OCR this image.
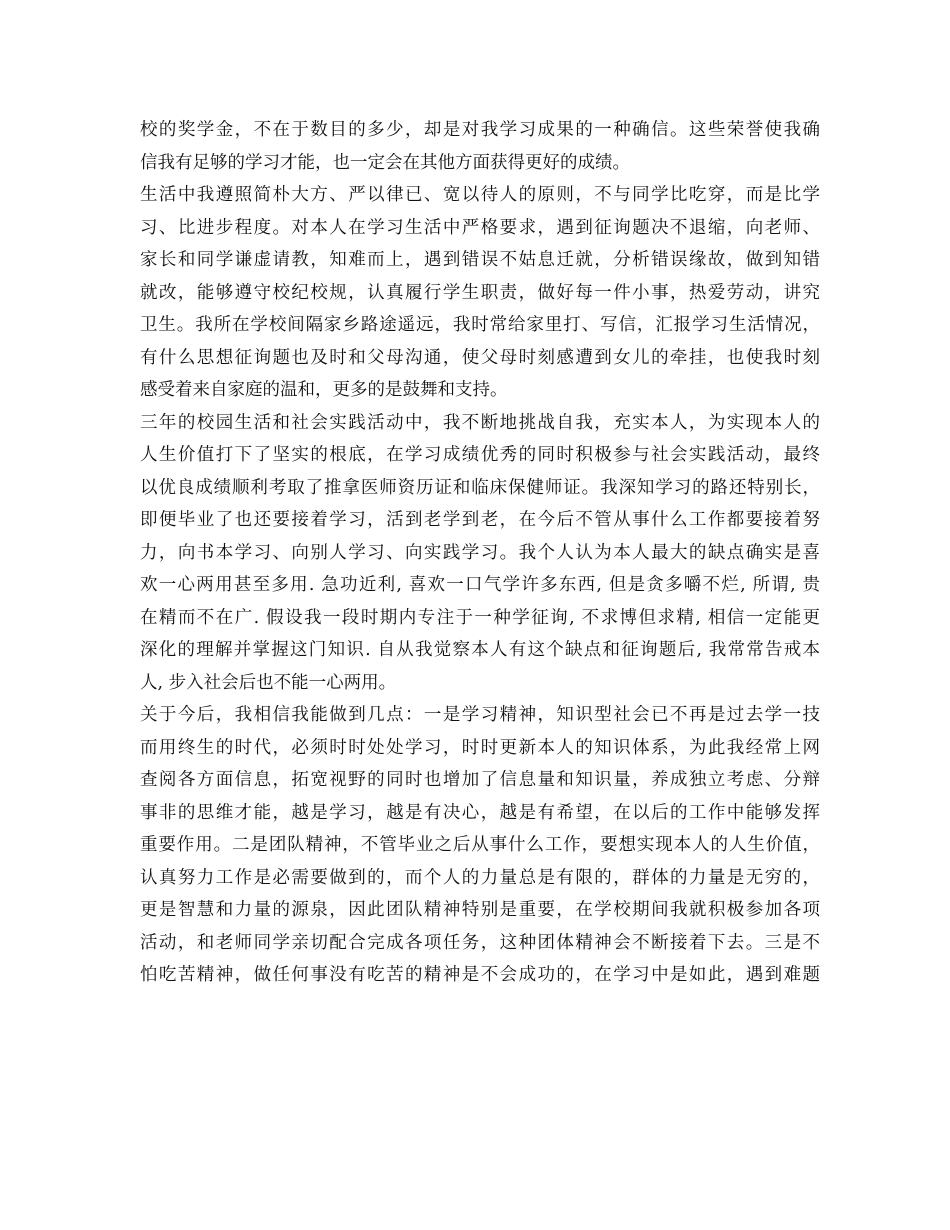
校的奖学金，不在于数目的多少，却是对我学习成果的一种确信。这些荣誉使我确
信我有足够的学习才能，也一定会在其他方面获得更好的成绩。
生活中我遵照简朴大方、严以律已、宽以待人的原则，不与同学比吃穿，而是比学
习、比进步程度。对本人在学习生活中严格要求，遇到征询题决不退缩，向老师、
家长和同学谦虚请教，知难而上，遇到错误不姑息迁就，分析错误缘故，做到知错
就改，能够遵守校纪校规，认真履行学生职责，做好每一件小事，热爱劳动，讲究
卫生。我所在学校间隔家乡路途遥远，我时常给家里打、写信，汇报学习生活情况，
有什么思想征询题也及时和父母沟通，使父母时刻感遭到女儿的牵挂，也使我时刻
感受着来自家庭的温和，更多的是鼓舞和支持。
三年的校园生活和社会实践活动中，我不断地挑战自我，充实本人，为实现本人的
人生价值打下了坚实的根底，在学习成绩优秀的同时积极参与社会实践活动，最终
以优良成绩顺利考取了推拿医师资历证和临床保健师证。我深知学习的路还特别长，
即便毕业了也还要接着学习，活到老学到老，在今后不管从事什么工作都要接着努
力，向书本学习、向别人学习、向实践学习。我个人认为本人最大的缺点确实是喜
欢一心两用甚至多用. 急功近利, 喜欢一口气学许多东西, 但是贪多嚼不烂, 所谓, 贵
在精而不在广. 假设我一段时期内专注于一种学征询, 不求博但求精, 相信一定能更
深化的理解并掌握这门知识. 自从我觉察本人有这个缺点和征询题后, 我常常告戒本
人, 步入社会后也不能一心两用。
关于今后，我相信我能做到几点：一是学习精神，知识型社会已不再是过去学一技
而用终生的时代，必须时时处处学习，时时更新本人的知识体系，为此我经常上网
查阅各方面信息，拓宽视野的同时也增加了信息量和知识量，养成独立考虑、分辩
事非的思维才能，越是学习，越是有决心，越是有希望，在以后的工作中能够发挥
重要作用。二是团队精神，不管毕业之后从事什么工作，要想实现本人的人生价值，
认真努力工作是必需要做到的，而个人的力量总是有限的，群体的力量是无穷的，
更是智慧和力量的源泉，因此团队精神特别是重要，在学校期间我就积极参加各项
活动，和老师同学亲切配合完成各项任务，这种团体精神会不断接着下去。三是不
怕吃苦精神，做任何事没有吃苦的精神是不会成功的，在学习中是如此，遇到难题
